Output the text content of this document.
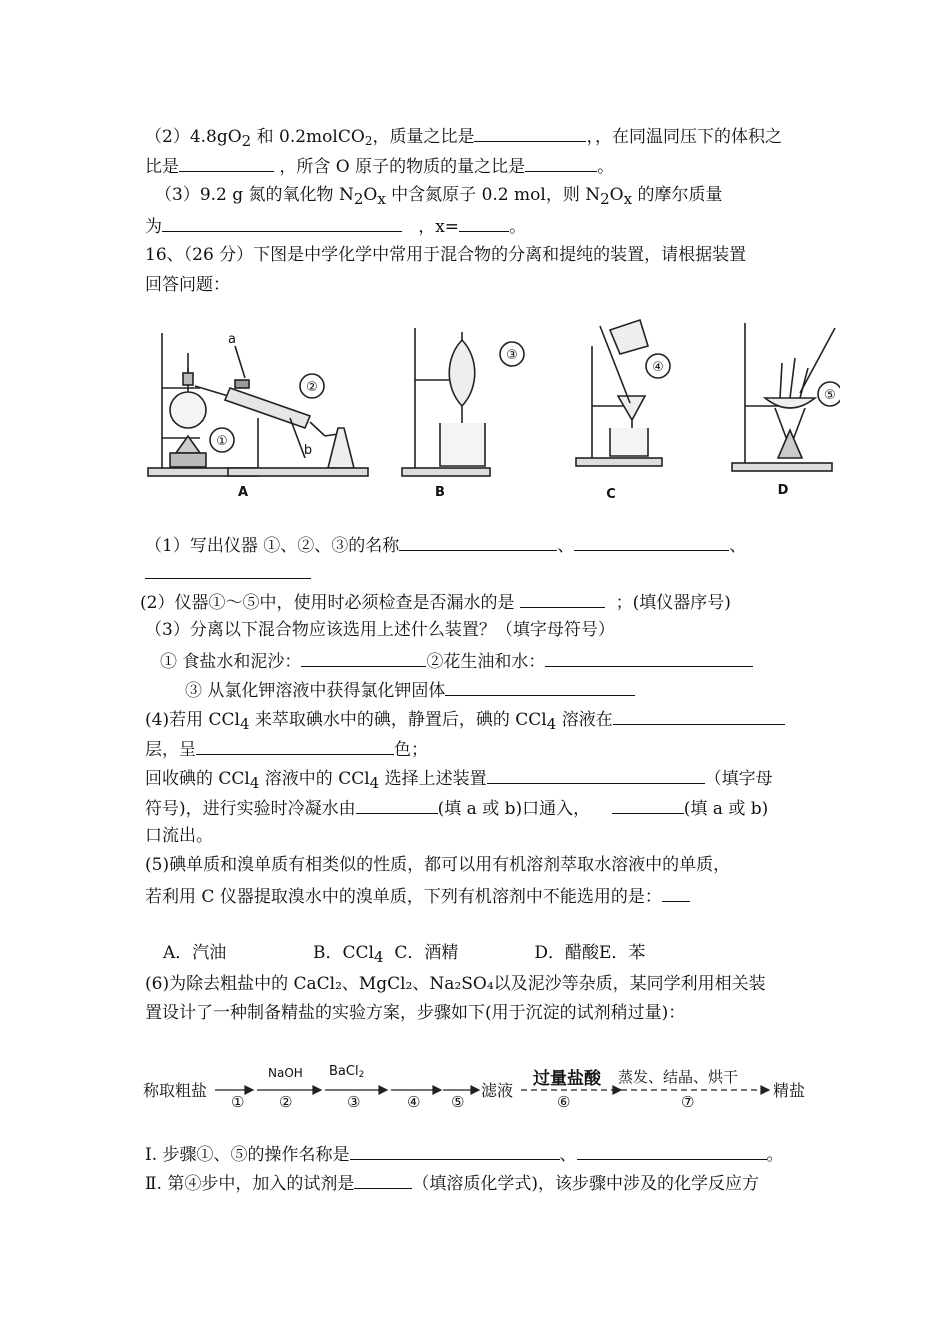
（2）4.8gO2 和 0.2molCO$_2$，质量之比是	，，在同温同压下的体积之
比是	，所含 O 原子的物质的量之比是	。
（3）9.2 g 氮的氧化物 N2Ox 中含氮原子 0.2 mol，则 N2Ox 的摩尔质量
为	，x=	。
16、（26 分）下图是中学化学中常用于混合物的分离和提纯的装置，请根据装置
回答问题：
②
①
③
④
⑤
a
b
A	B	C	D
（1）写出仪器 ①、②、③的名称	、	、
(2）仪器①～⑤中，使用时必须检查是否漏水的是	；(填仪器序号)
（3）分离以下混合物应该选用上述什么装置？（填字母符号）
① 食盐水和泥沙：	②花生油和水：
③ 从氯化钾溶液中获得氯化钾固体
(4)若用 CCl4 来萃取碘水中的碘，静置后，碘的 CCl4 溶液在
层，呈	色；
回收碘的 CCl4 溶液中的 CCl4 选择上述装置	（填字母
符号)，进行实验时冷凝水由	(填 a 或 b)口通入，	(填 a 或 b)
口流出。
(5)碘单质和溴单质有相类似的性质，都可以用有机溶剂萃取水溶液中的单质，
若利用 C 仪器提取溴水中的溴单质，下列有机溶剂中不能选用的是：
A．汽油	B．CCl4 C．酒精	D．醋酸E．苯
(6)为除去粗盐中的 CaCl₂、MgCl₂、Na₂SO₄以及泥沙等杂质，某同学利用相关装
置设计了一种制备精盐的实验方案，步骤如下(用于沉淀的试剂稍过量)：
称取粗盐
NaOH BaCl2
滤液
过量盐酸 蒸发、结晶、烘干
精盐
① ②	③	④ ⑤	⑥	⑦
Ⅰ. 步骤①、⑤的操作名称是	、	。
Ⅱ. 第④步中，加入的试剂是	（填溶质化学式)，该步骤中涉及的化学反应方
